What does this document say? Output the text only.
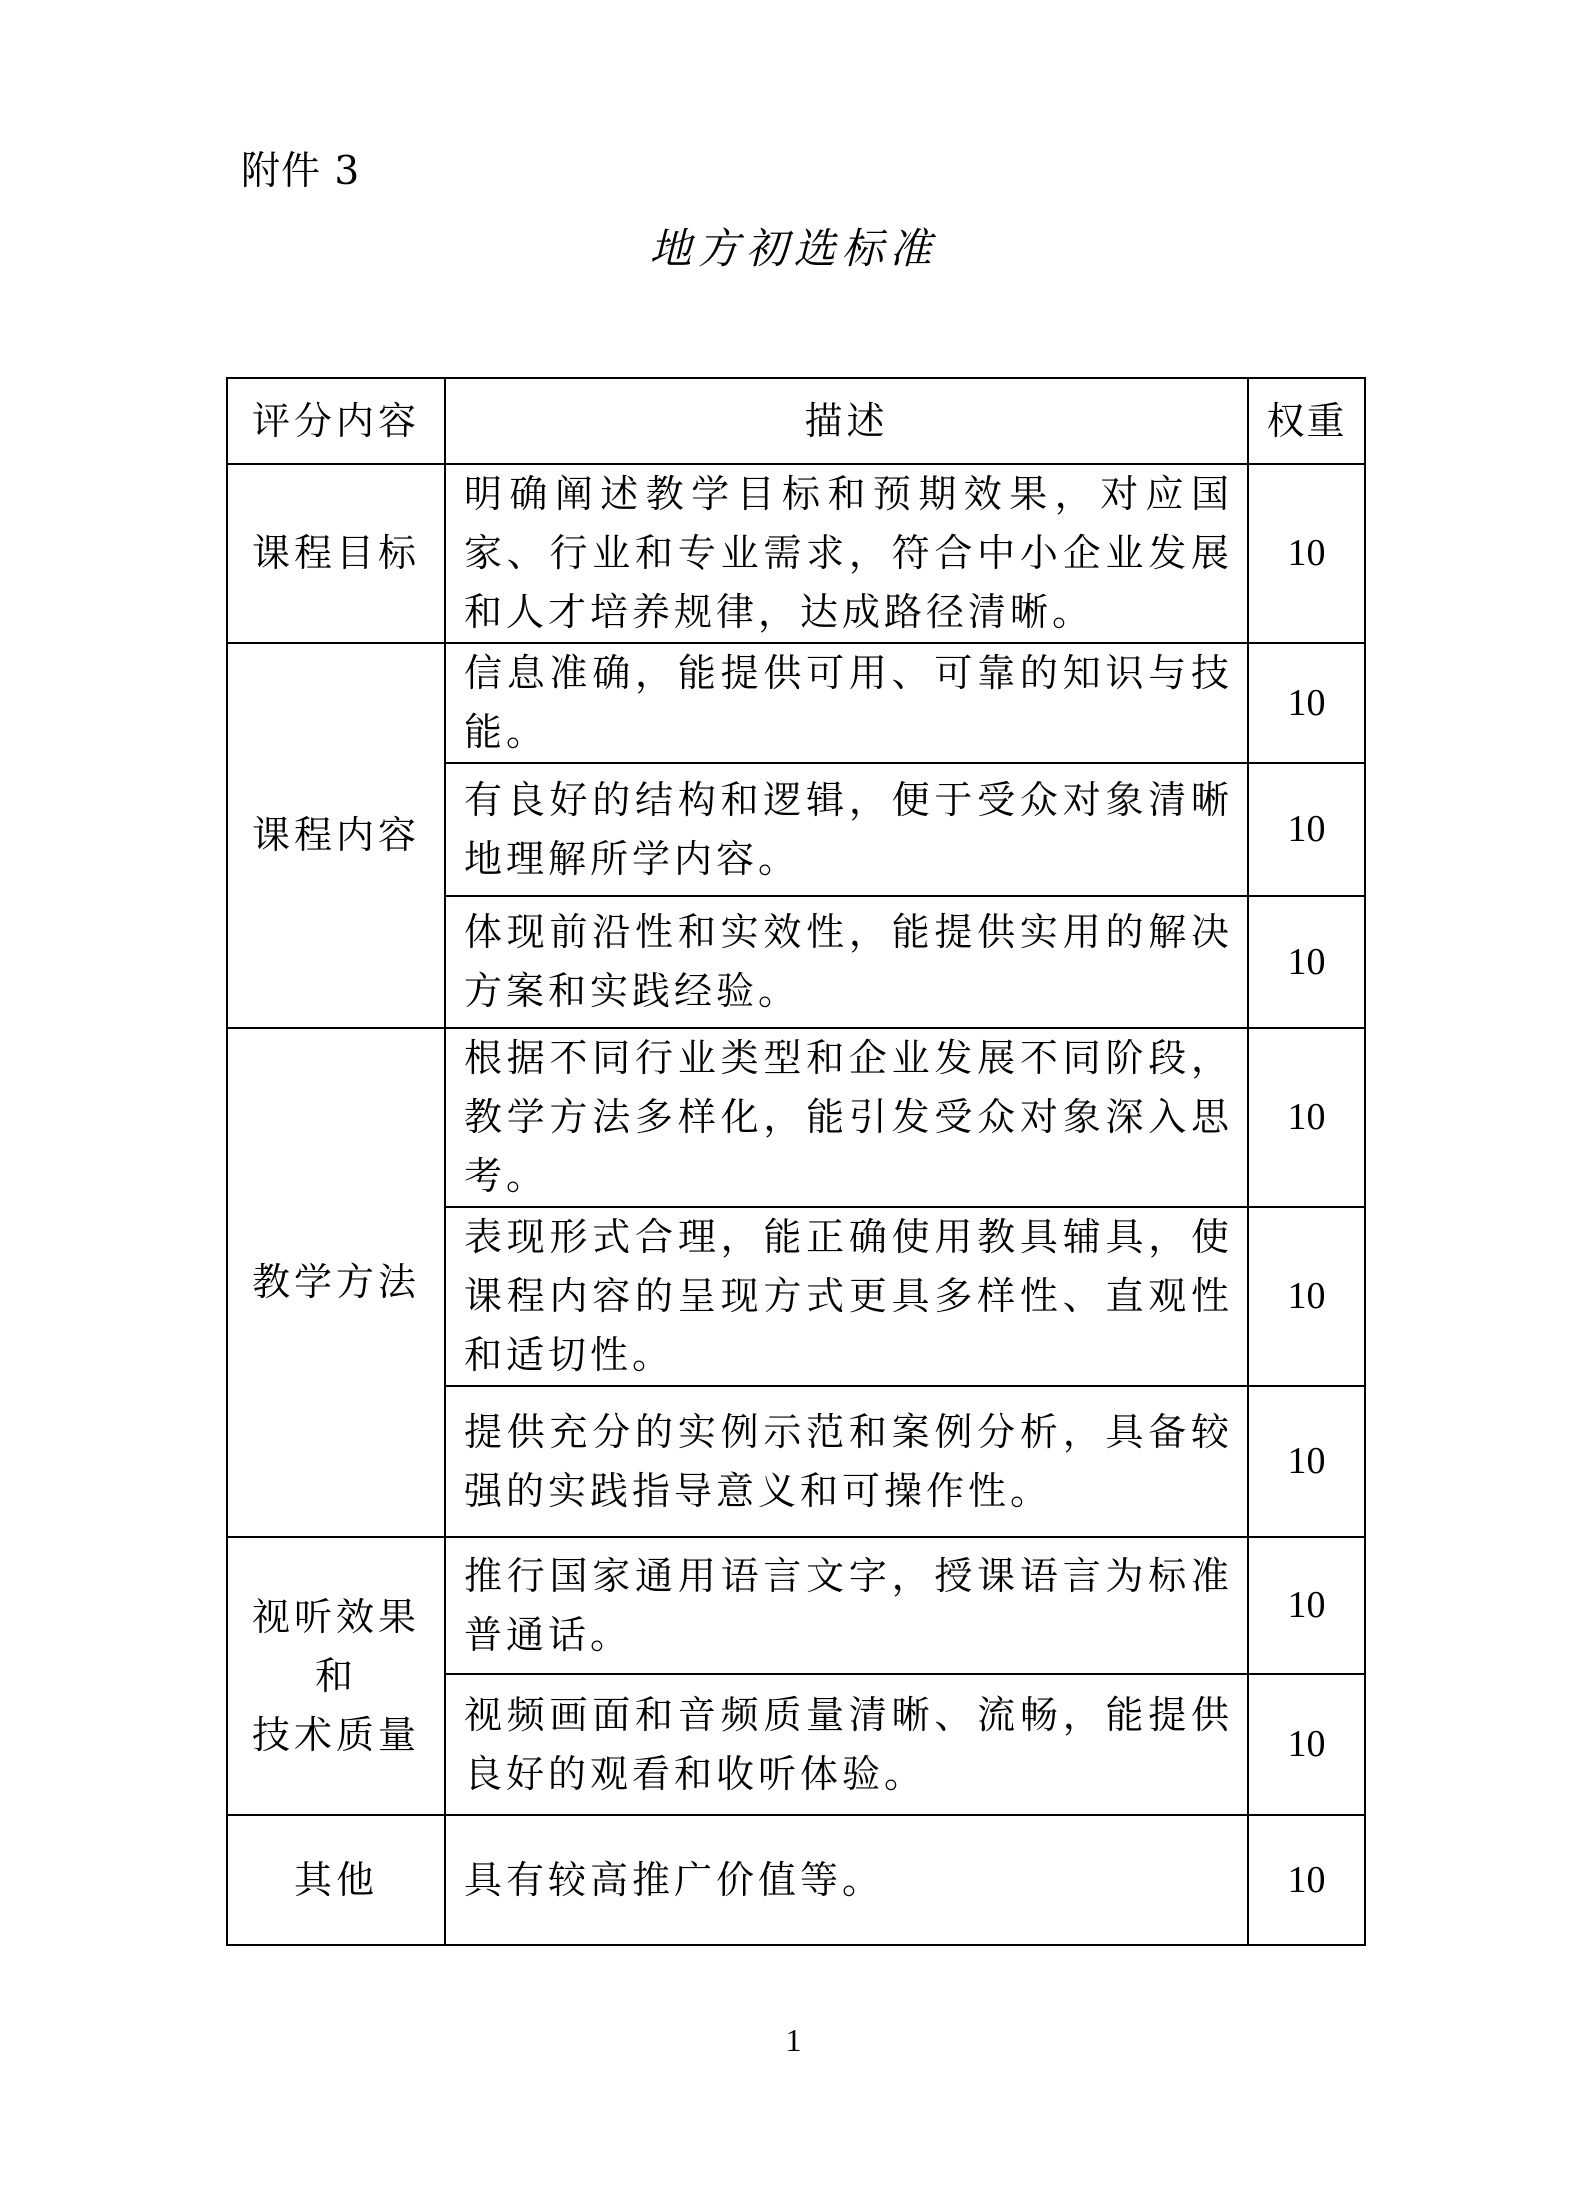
附件 3
地方初选标准
评分内容	描述	权重

课程目标	明确阐述教学目标和预期效果，对应国家、行业和专业需求，符合中小企业发展和人才培养规律，达成路径清晰。	10

课程内容	信息准确，能提供可用、可靠的知识与技能。	10
	有良好的结构和逻辑，便于受众对象清晰地理解所学内容。	10
	体现前沿性和实效性，能提供实用的解决方案和实践经验。	10

教学方法	根据不同行业类型和企业发展不同阶段，教学方法多样化，能引发受众对象深入思考。	10
	表现形式合理，能正确使用教具辅具，使课程内容的呈现方式更具多样性、直观性和适切性。	10
	提供充分的实例示范和案例分析，具备较强的实践指导意义和可操作性。	10

视听效果
和
技术质量	推行国家通用语言文字，授课语言为标准普通话。	10
	视频画面和音频质量清晰、流畅，能提供良好的观看和收听体验。	10

其他	具有较高推广价值等。	10
1
